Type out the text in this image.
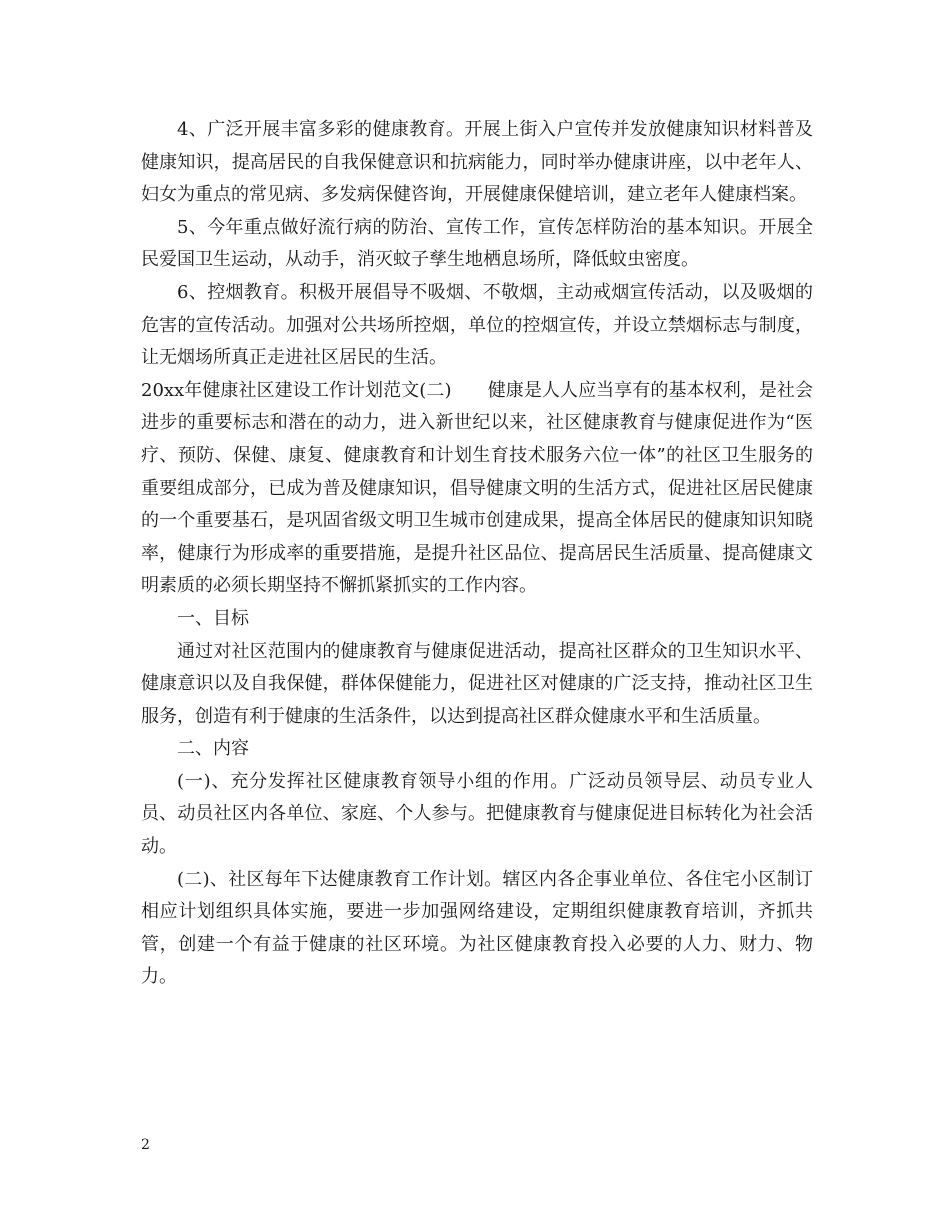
4、广泛开展丰富多彩的健康教育。开展上街入户宣传并发放健康知识材料普及健康知识，提高居民的自我保健意识和抗病能力，同时举办健康讲座，以中老年人、妇女为重点的常见病、多发病保健咨询，开展健康保健培训，建立老年人健康档案。

5、今年重点做好流行病的防治、宣传工作，宣传怎样防治的基本知识。开展全民爱国卫生运动，从动手，消灭蚊子孳生地栖息场所，降低蚊虫密度。

6、控烟教育。积极开展倡导不吸烟、不敬烟，主动戒烟宣传活动，以及吸烟的危害的宣传活动。加强对公共场所控烟，单位的控烟宣传，并设立禁烟标志与制度，让无烟场所真正走进社区居民的生活。

20xx年健康社区建设工作计划范文(二)　　健康是人人应当享有的基本权利，是社会进步的重要标志和潜在的动力，进入新世纪以来，社区健康教育与健康促进作为“医疗、预防、保健、康复、健康教育和计划生育技术服务六位一体”的社区卫生服务的重要组成部分，已成为普及健康知识，倡导健康文明的生活方式，促进社区居民健康的一个重要基石，是巩固省级文明卫生城市创建成果，提高全体居民的健康知识知晓率，健康行为形成率的重要措施，是提升社区品位、提高居民生活质量、提高健康文明素质的必须长期坚持不懈抓紧抓实的工作内容。

一、目标

通过对社区范围内的健康教育与健康促进活动，提高社区群众的卫生知识水平、健康意识以及自我保健，群体保健能力，促进社区对健康的广泛支持，推动社区卫生服务，创造有利于健康的生活条件，以达到提高社区群众健康水平和生活质量。

二、内容

(一)、充分发挥社区健康教育领导小组的作用。广泛动员领导层、动员专业人员、动员社区内各单位、家庭、个人参与。把健康教育与健康促进目标转化为社会活动。

(二)、社区每年下达健康教育工作计划。辖区内各企事业单位、各住宅小区制订相应计划组织具体实施，要进一步加强网络建设，定期组织健康教育培训，齐抓共管，创建一个有益于健康的社区环境。为社区健康教育投入必要的人力、财力、物力。

2
